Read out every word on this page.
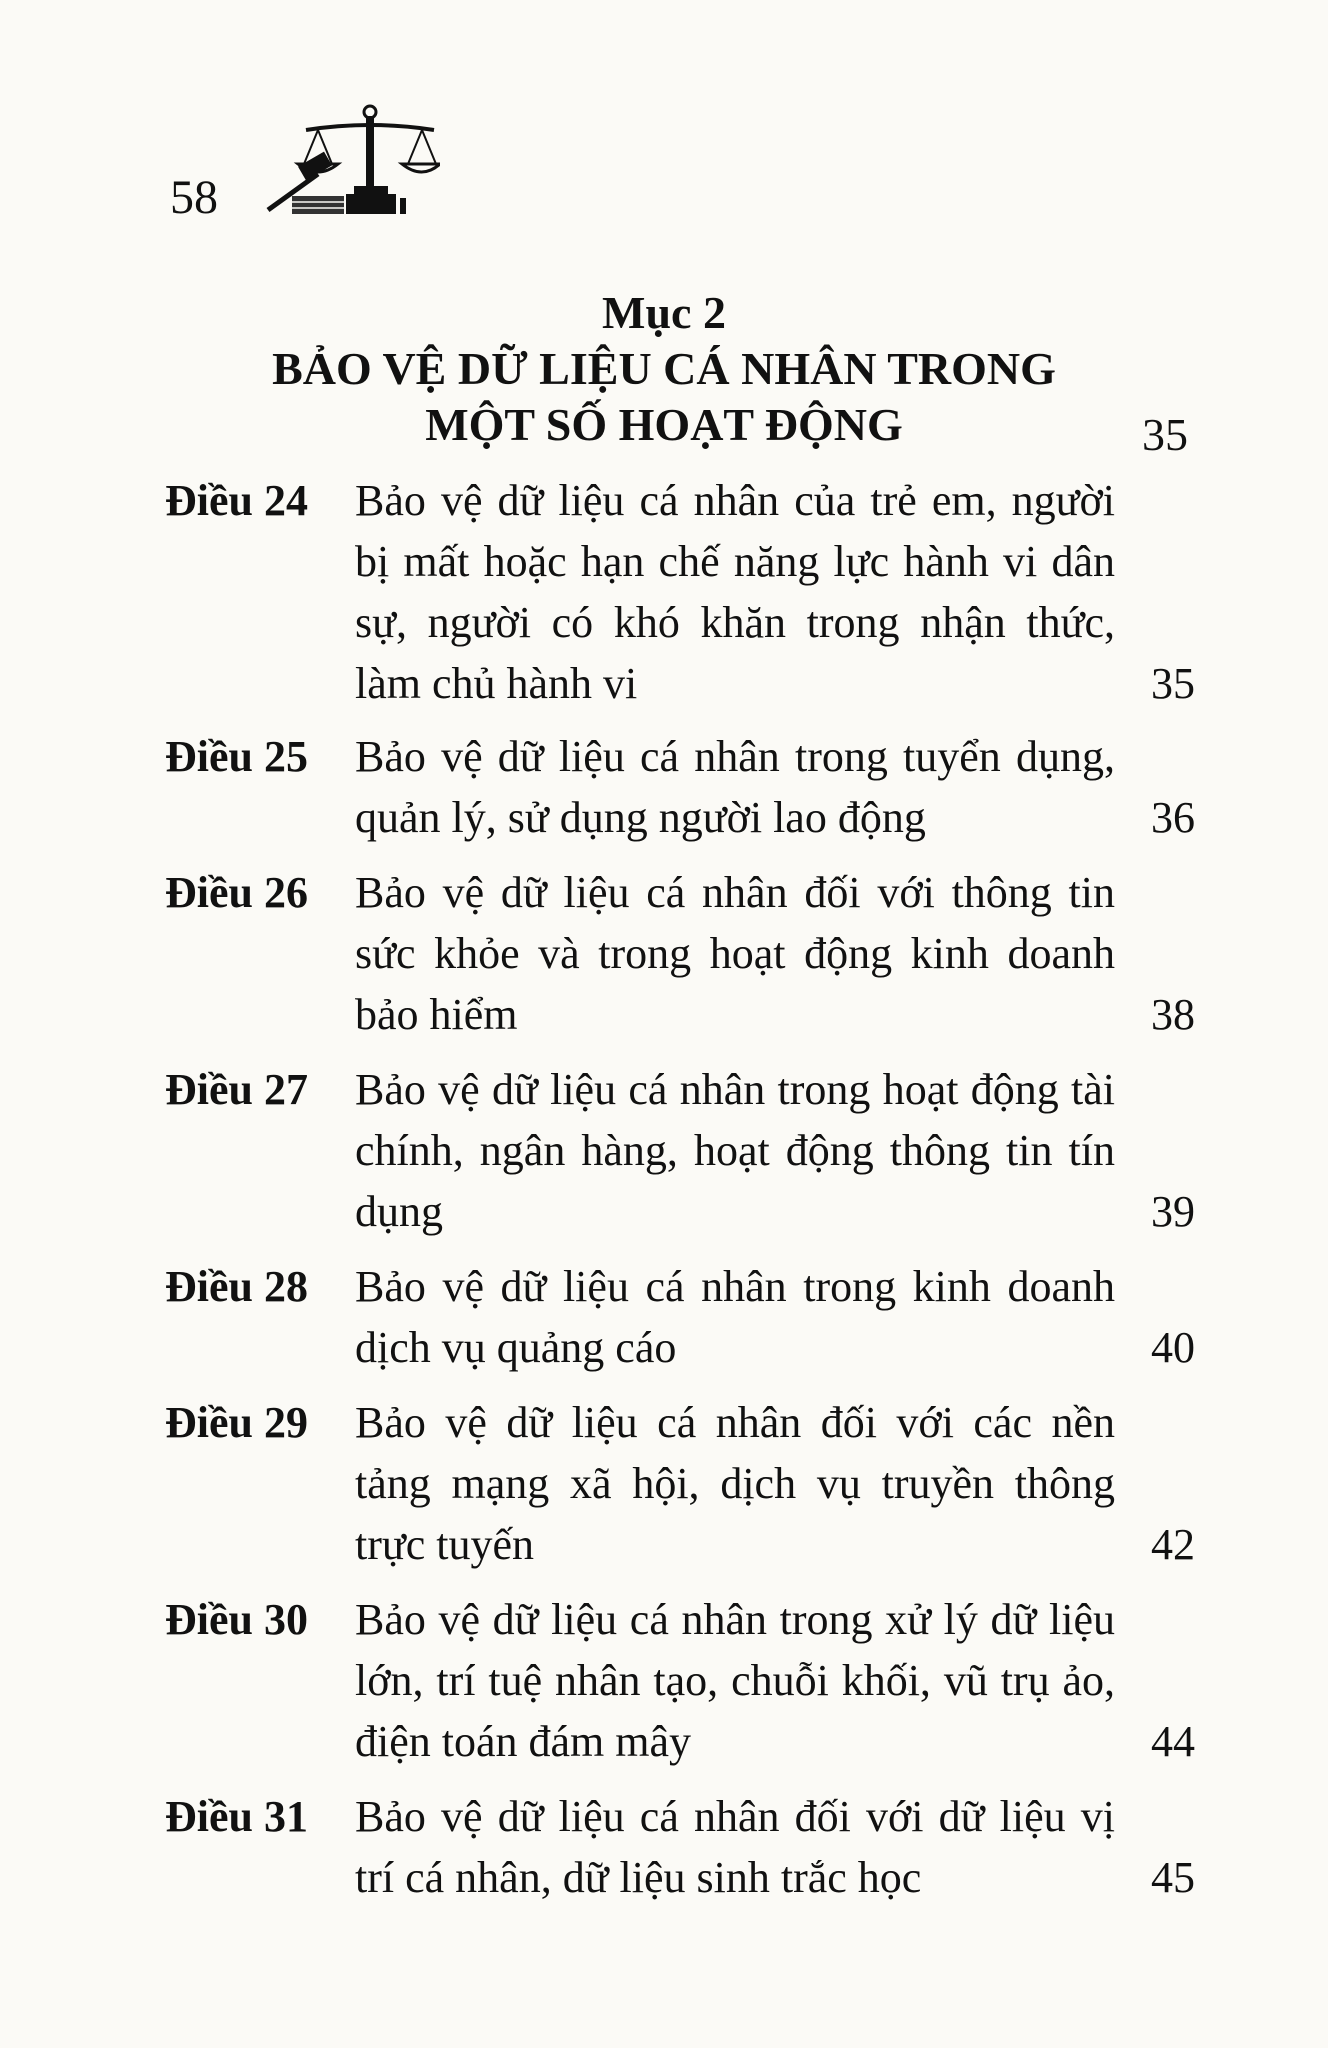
58
Mục 2
BẢO VỆ DỮ LIỆU CÁ NHÂN TRONG
MỘT SỐ HOẠT ĐỘNG	35
Điều 24 Bảo vệ dữ liệu cá nhân của trẻ em, người bị mất hoặc hạn chế năng lực hành vi dân sự, người có khó khăn trong nhận thức, làm chủ hành vi	35
Điều 25 Bảo vệ dữ liệu cá nhân trong tuyển dụng, quản lý, sử dụng người lao động	36
Điều 26 Bảo vệ dữ liệu cá nhân đối với thông tin sức khỏe và trong hoạt động kinh doanh bảo hiểm	38
Điều 27 Bảo vệ dữ liệu cá nhân trong hoạt động tài chính, ngân hàng, hoạt động thông tin tín dụng	39
Điều 28 Bảo vệ dữ liệu cá nhân trong kinh doanh dịch vụ quảng cáo	40
Điều 29 Bảo vệ dữ liệu cá nhân đối với các nền tảng mạng xã hội, dịch vụ truyền thông trực tuyến	42
Điều 30 Bảo vệ dữ liệu cá nhân trong xử lý dữ liệu lớn, trí tuệ nhân tạo, chuỗi khối, vũ trụ ảo, điện toán đám mây	44
Điều 31 Bảo vệ dữ liệu cá nhân đối với dữ liệu vị trí cá nhân, dữ liệu sinh trắc học	45
